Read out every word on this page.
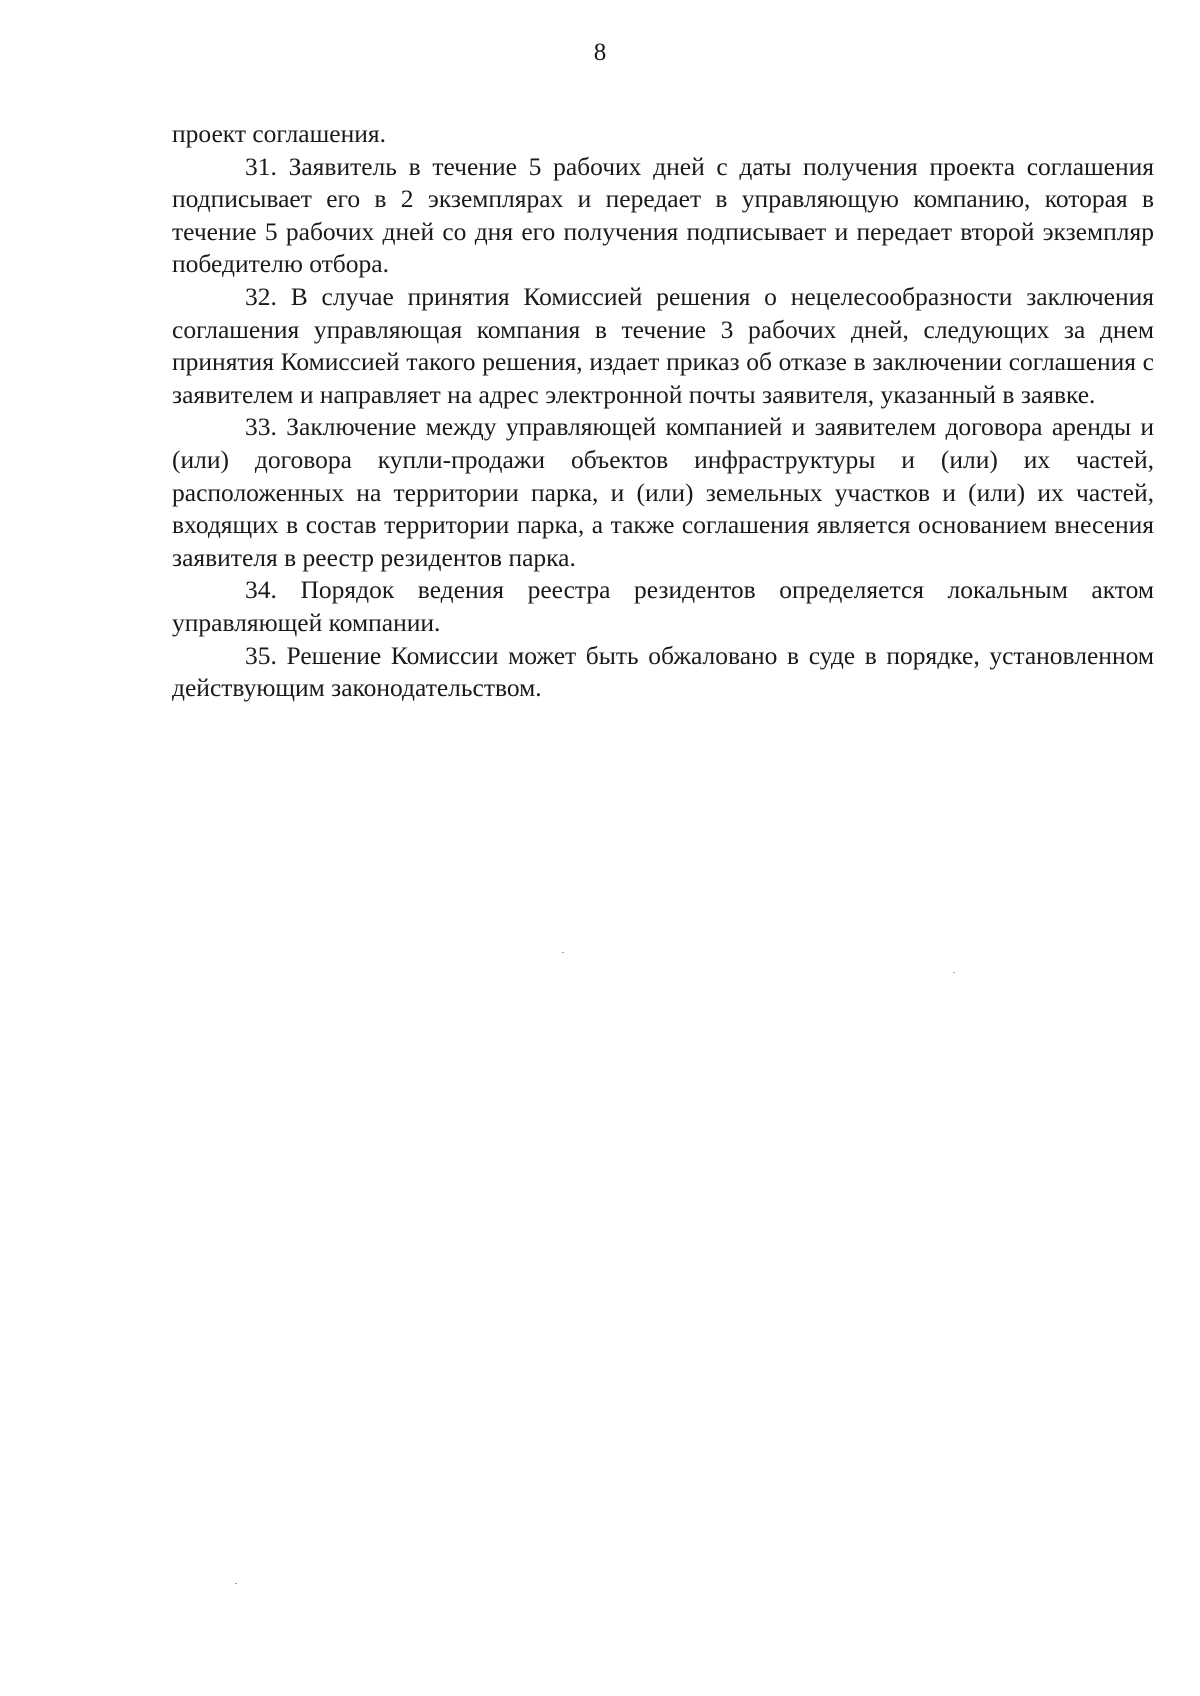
8

проект соглашения.

31. Заявитель в течение 5 рабочих дней с даты получения проекта соглашения подписывает его в 2 экземплярах и передает в управляющую компанию, которая в течение 5 рабочих дней со дня его получения подписывает и передает второй экземпляр победителю отбора.

32. В случае принятия Комиссией решения о нецелесообразности заключения соглашения управляющая компания в течение 3 рабочих дней, следующих за днем принятия Комиссией такого решения, издает приказ об отказе в заключении соглашения с заявителем и направляет на адрес электронной почты заявителя, указанный в заявке.

33. Заключение между управляющей компанией и заявителем договора аренды и (или) договора купли-продажи объектов инфраструктуры и (или) их частей, расположенных на территории парка, и (или) земельных участков и (или) их частей, входящих в состав территории парка, а также соглашения является основанием внесения заявителя в реестр резидентов парка.

34. Порядок ведения реестра резидентов определяется локальным актом управляющей компании.

35. Решение Комиссии может быть обжаловано в суде в порядке, установленном действующим законодательством.
